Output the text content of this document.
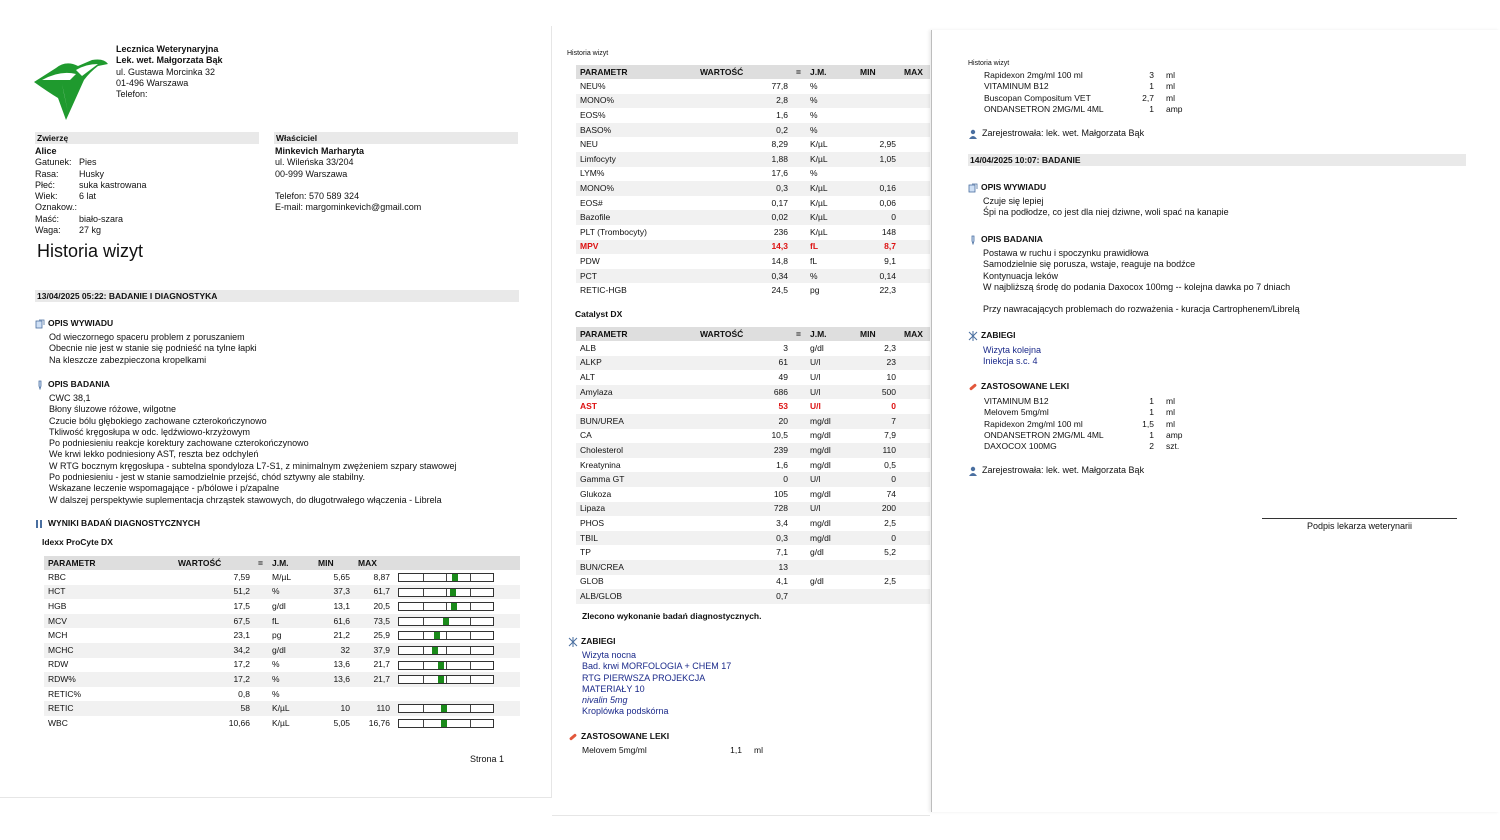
Lecznica Weterynaryjna
Lek. wet. Małgorzata Bąk
ul. Gustawa Morcinka 32
01-496 Warszawa
Telefon:
Zwierzę	Właściciel
Alice
Gatunek: Pies
Rasa:	Husky
Płeć:	suka kastrowana
Wiek:	6 lat
Oznakow.:
Maść:	biało-szara
Waga:	27 kg
Minkevich Marharyta
ul. Wileńska 33/204
00-999 Warszawa
Telefon: 570 589 324
E-mail: margominkevich@gmail.com
Historia wizyt
13/04/2025 05:22: BADANIE I DIAGNOSTYKA
OPIS WYWIADU
Od wieczornego spaceru problem z poruszaniem
Obecnie nie jest w stanie się podnieść na tylne łapki
Na kleszcze zabezpieczona kropelkami
OPIS BADANIA
CWC 38,1
Błony śluzowe różowe, wilgotne
Czucie bólu głębokiego zachowane czterokończynowo
Tkliwość kręgosłupa w odc. lędźwiowo-krzyżowym
Po podniesieniu reakcje korektury zachowane czterokończynowo
We krwi lekko podniesiony AST, reszta bez odchyleń
W RTG bocznym kręgosłupa - subtelna spondyloza L7-S1, z minimalnym zwężeniem szpary stawowej
Po podniesieniu - jest w stanie samodzielnie przejść, chód sztywny ale stabilny.
Wskazane leczenie wspomagające - p/bólowe i p/zapalne
W dalszej perspektywie suplementacja chrząstek stawowych, do długotrwałego włączenia - Librela
WYNIKI BADAŃ DIAGNOSTYCZNYCH
Idexx ProCyte DX
PARAMETR	WARTOŚĆ	=	J.M.	MIN	MAX	
RBC	7,59		M/µL	5,65	8,87	

HCT	51,2		%	37,3	61,7	

HGB	17,5		g/dl	13,1	20,5	

MCV	67,5		fL	61,6	73,5	

MCH	23,1		pg	21,2	25,9	

MCHC	34,2		g/dl	32	37,9	

RDW	17,2		%	13,6	21,7	

RDW%	17,2		%	13,6	21,7	

RETIC%	0,8		%			
RETIC	58		K/µL	10	110	

WBC	10,66		K/µL	5,05	16,76	
Strona 1
Historia wizyt
PARAMETR	WARTOŚĆ	=	J.M.	MIN	MAX
NEU%	77,8		%		
MONO%	2,8		%		
EOS%	1,6		%		
BASO%	0,2		%		
NEU	8,29		K/µL	2,95	
Limfocyty	1,88		K/µL	1,05	
LYM%	17,6		%		
MONO%	0,3		K/µL	0,16	
EOS#	0,17		K/µL	0,06	
Bazofile	0,02		K/µL	0	
PLT (Trombocyty)	236		K/µL	148	
MPV	14,3		fL	8,7	
PDW	14,8		fL	9,1	
PCT	0,34		%	0,14	
RETIC-HGB	24,5		pg	22,3	
Catalyst DX
PARAMETR	WARTOŚĆ	=	J.M.	MIN	MAX
ALB	3		g/dl	2,3	
ALKP	61		U/l	23	
ALT	49		U/l	10	
Amylaza	686		U/l	500	
AST	53		U/l	0	
BUN/UREA	20		mg/dl	7	
CA	10,5		mg/dl	7,9	
Cholesterol	239		mg/dl	110	
Kreatynina	1,6		mg/dl	0,5	
Gamma GT	0		U/l	0	
Glukoza	105		mg/dl	74	
Lipaza	728		U/l	200	
PHOS	3,4		mg/dl	2,5	
TBIL	0,3		mg/dl	0	
TP	7,1		g/dl	5,2	
BUN/CREA	13				
GLOB	4,1		g/dl	2,5	
ALB/GLOB	0,7				
Zlecono wykonanie badań diagnostycznych.
ZABIEGI
Wizyta nocna
Bad. krwi MORFOLOGIA + CHEM 17
RTG PIERWSZA PROJEKCJA
MATERIAŁY 10
nivalin 5mg
Kroplówka podskórna
ZASTOSOWANE LEKI
Melovem 5mg/ml	1,1	ml
Historia wizyt
Rapidexon 2mg/ml 100 ml	3	ml
VITAMINUM B12	1	ml
Buscopan Compositum VET	2,7	ml
ONDANSETRON 2MG/ML 4ML	1	amp
Zarejestrowała: lek. wet. Małgorzata Bąk
14/04/2025 10:07: BADANIE
OPIS WYWIADU
Czuje się lepiej
Śpi na podłodze, co jest dla niej dziwne, woli spać na kanapie
OPIS BADANIA
Postawa w ruchu i spoczynku prawidłowa
Samodzielnie się porusza, wstaje, reaguje na bodźce
Kontynuacja leków
W najbliższą środę do podania Daxocox 100mg -- kolejna dawka po 7 dniach
Przy nawracających problemach do rozważenia - kuracja Cartrophenem/Librelą
ZABIEGI
Wizyta kolejna
Iniekcja s.c. 4
ZASTOSOWANE LEKI
VITAMINUM B12	1	ml
Melovem 5mg/ml	1	ml
Rapidexon 2mg/ml 100 ml	1,5	ml
ONDANSETRON 2MG/ML 4ML	1	amp
DAXOCOX 100MG	2	szt.
Zarejestrowała: lek. wet. Małgorzata Bąk
Podpis lekarza weterynarii
